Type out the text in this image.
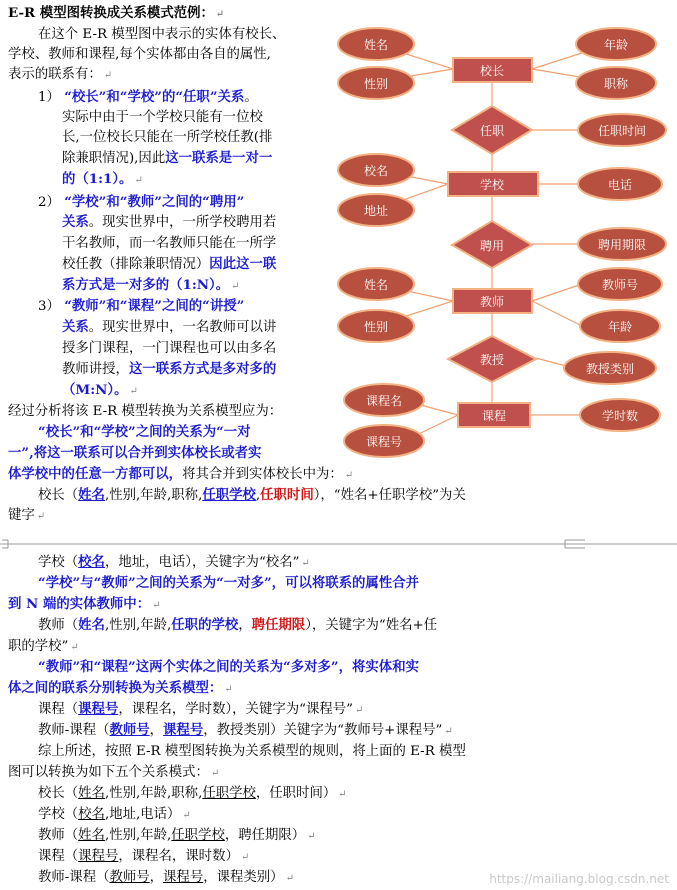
E-R 模型图转换成关系模式范例： ↵

在这个 E-R 模型图中表示的实体有校长、

学校、教师和课程,每个实体都由各自的属性,

表示的联系有： ↵

1） “校长”和“学校”的“任职”关系。

实际中由于一个学校只能有一位校

长,一位校长只能在一所学校任教(排

除兼职情况),因此这一联系是一对一

的（1:1）。 ↵

2） “学校”和“教师”之间的“聘用”

关系。现实世界中，一所学校聘用若

干名教师，而一名教师只能在一所学

校任教（排除兼职情况）因此这一联

系方式是一对多的（1:N）。 ↵

3） “教师”和“课程”之间的“讲授”

关系。现实世界中，一名教师可以讲

授多门课程，一门课程也可以由多名

教师讲授，这一联系方式是多对多的

（M:N）。 ↵

经过分析将该 E-R 模型转换为关系模型应为：

“校长”和“学校”之间的关系为“一对

一”,将这一联系可以合并到实体校长或者实

体学校中的任意一方都可以，将其合并到实体校长中为： ↵

校长（姓名,性别,年龄,职称,任职学校,任职时间），“姓名+任职学校”为关

键字 ↵

学校（校名，地址，电话），关键字为“校名” ↵

“学校”与“教师”之间的关系为“一对多”，可以将联系的属性合并

到 N 端的实体教师中： ↵

教师（姓名,性别,年龄,任职的学校，聘任期限），关键字为“姓名+任

职的学校” ↵

“教师”和“课程”这两个实体之间的关系为“多对多”，将实体和实

体之间的联系分别转换为关系模型： ↵

课程（课程号，课程名，学时数），关键字为“课程号” ↵

教师-课程（教师号，课程号，教授类别）关键字为“教师号+课程号” ↵

综上所述，按照 E-R 模型图转换为关系模型的规则，将上面的 E-R 模型

图可以转换为如下五个关系模式： ↵

校长（姓名,性别,年龄,职称,任职学校，任职时间） ↵

学校（校名,地址,电话） ↵

教师（姓名,性别,年龄,任职学校，聘任期限） ↵

课程（课程号，课程名，课时数） ↵

教师-课程（教师号，课程号，课程类别） ↵

姓名
性别
年龄
职称
任职时间
校名
地址
电话
聘用期限
姓名
性别
教师号
年龄
教授类别
课程名
课程号
学时数
校长
学校
教师
课程
任职
聘用
教授
https://mailiang.blog.csdn.net
